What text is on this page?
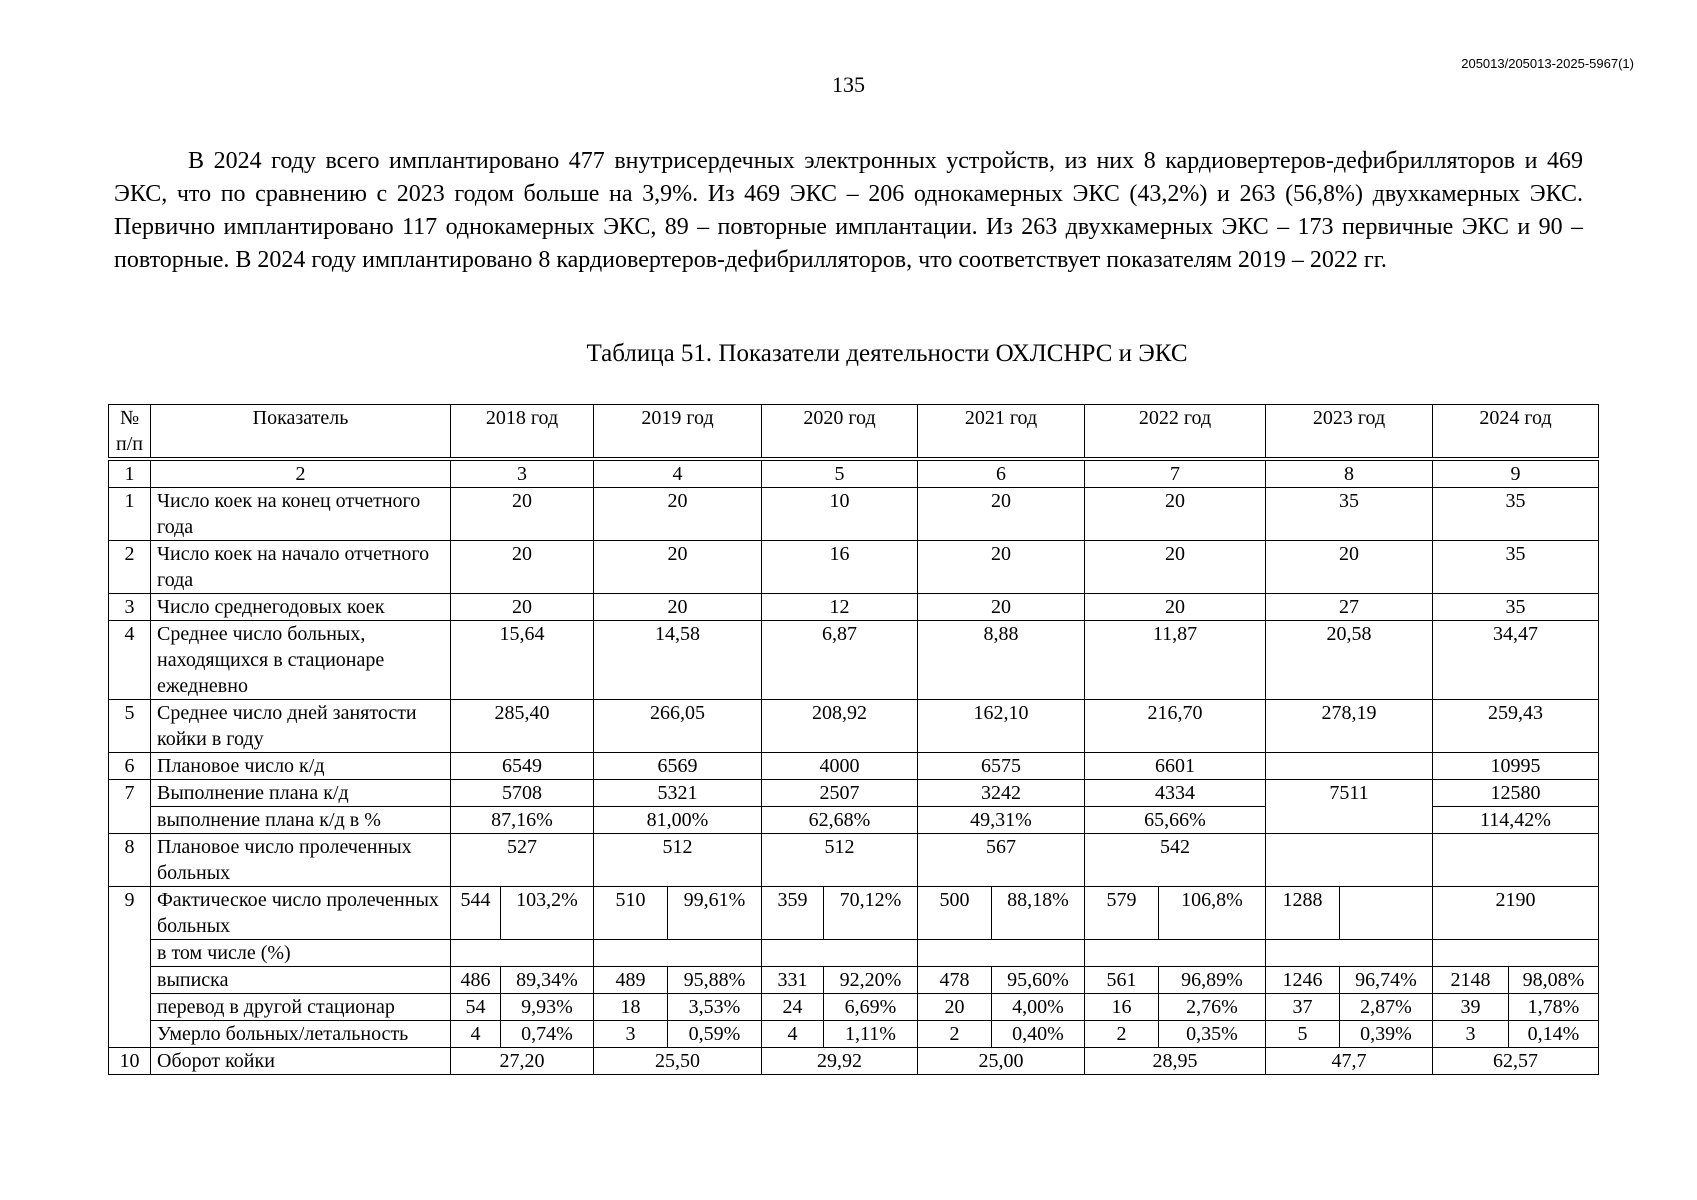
205013/205013-2025-5967(1)
135

В 2024 году всего имплантировано 477 внутрисердечных электронных устройств, из них 8 кардиовертеров-дефибрилляторов и 469 ЭКС, что по сравнению с 2023 годом больше на 3,9%. Из 469 ЭКС – 206 однокамерных ЭКС (43,2%) и 263 (56,8%) двухкамерных ЭКС. Первично имплантировано 117 однокамерных ЭКС, 89 – повторные имплантации. Из 263 двухкамерных ЭКС – 173 первичные ЭКС и 90 – повторные. В 2024 году имплантировано 8 кардиовертеров-дефибрилляторов, что соответствует показателям 2019 – 2022 гг.

Таблица 51. Показатели деятельности ОХЛСНРС и ЭКС
№ п/п	Показатель	2018 год		2019 год		2020 год		2021 год		2022 год		2023 год		2024 год	
1	2	3		4		5		6		7		8		9	
1	Число коек на конец отчетного года	20		20		10		20		20		35		35	
2	Число коек на начало отчетного года	20		20		16		20		20		20		35	
3	Число среднегодовых коек	20		20		12		20		20		27		35	
4	Среднее число больных, находящихся в стационаре ежедневно	15,64		14,58		6,87		8,88		11,87		20,58		34,47	
5	Среднее число дней занятости койки в году	285,40		266,05		208,92		162,10		216,70		278,19		259,43	
6	Плановое число к/д	6549		6569		4000		6575		6601				10995	
7	Выполнение плана к/д	5708		5321		2507		3242		4334		7511		12580	
	выполнение плана к/д в %	87,16%		81,00%		62,68%		49,31%		65,66%				114,42%	
8	Плановое число пролеченных больных	527		512		512		567		542					
9	Фактическое число пролеченных больных	544	103,2%	510	99,61%	359	70,12%	500	88,18%	579	106,8%	1288		2190	
	в том числе (%)														
	выписка	486	89,34%	489	95,88%	331	92,20%	478	95,60%	561	96,89%	1246	96,74%	2148	98,08%
	перевод в другой стационар	54	9,93%	18	3,53%	24	6,69%	20	4,00%	16	2,76%	37	2,87%	39	1,78%
	Умерло больных/летальность	4	0,74%	3	0,59%	4	1,11%	2	0,40%	2	0,35%	5	0,39%	3	0,14%
10	Оборот койки	27,20		25,50		29,92		25,00		28,95		47,7		62,57	
